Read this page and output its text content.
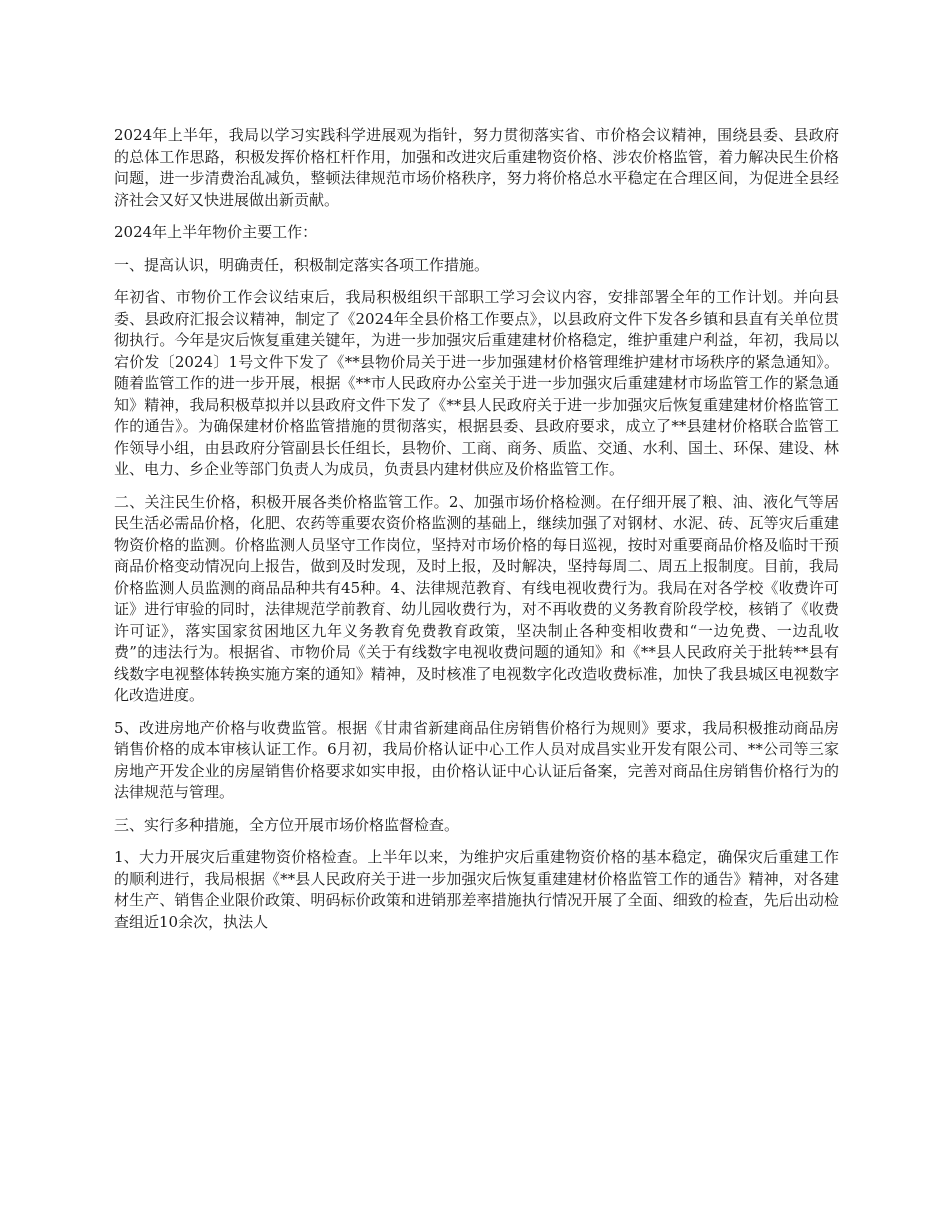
2024年上半年，我局以学习实践科学进展观为指针，努力贯彻落实省、市价格会议精神，围绕县委、县政府的总体工作思路，积极发挥价格杠杆作用，加强和改进灾后重建物资价格、涉农价格监管，着力解决民生价格问题，进一步清费治乱减负，整顿法律规范市场价格秩序，努力将价格总水平稳定在合理区间，为促进全县经济社会又好又快进展做出新贡献。

2024年上半年物价主要工作：

一、提高认识，明确责任，积极制定落实各项工作措施。

年初省、市物价工作会议结束后，我局积极组织干部职工学习会议内容，安排部署全年的工作计划。并向县委、县政府汇报会议精神，制定了《2024年全县价格工作要点》，以县政府文件下发各乡镇和县直有关单位贯彻执行。今年是灾后恢复重建关键年，为进一步加强灾后重建建材价格稳定，维护重建户利益，年初，我局以宕价发〔2024〕1号文件下发了《**县物价局关于进一步加强建材价格管理维护建材市场秩序的紧急通知》。随着监管工作的进一步开展，根据《**市人民政府办公室关于进一步加强灾后重建建材市场监管工作的紧急通知》精神，我局积极草拟并以县政府文件下发了《**县人民政府关于进一步加强灾后恢复重建建材价格监管工作的通告》。为确保建材价格监管措施的贯彻落实，根据县委、县政府要求，成立了**县建材价格联合监管工作领导小组，由县政府分管副县长任组长，县物价、工商、商务、质监、交通、水利、国土、环保、建设、林业、电力、乡企业等部门负责人为成员，负责县内建材供应及价格监管工作。

二、关注民生价格，积极开展各类价格监管工作。2、加强市场价格检测。在仔细开展了粮、油、液化气等居民生活必需品价格，化肥、农药等重要农资价格监测的基础上，继续加强了对钢材、水泥、砖、瓦等灾后重建物资价格的监测。价格监测人员坚守工作岗位，坚持对市场价格的每日巡视，按时对重要商品价格及临时干预商品价格变动情况向上报告，做到及时发现，及时上报，及时解决，坚持每周二、周五上报制度。目前，我局价格监测人员监测的商品品种共有45种。4、法律规范教育、有线电视收费行为。我局在对各学校《收费许可证》进行审验的同时，法律规范学前教育、幼儿园收费行为，对不再收费的义务教育阶段学校，核销了《收费许可证》，落实国家贫困地区九年义务教育免费教育政策，坚决制止各种变相收费和“一边免费、一边乱收费”的违法行为。根据省、市物价局《关于有线数字电视收费问题的通知》和《**县人民政府关于批转**县有线数字电视整体转换实施方案的通知》精神，及时核准了电视数字化改造收费标准，加快了我县城区电视数字化改造进度。

5、改进房地产价格与收费监管。根据《甘肃省新建商品住房销售价格行为规则》要求，我局积极推动商品房销售价格的成本审核认证工作。6月初，我局价格认证中心工作人员对成昌实业开发有限公司、**公司等三家房地产开发企业的房屋销售价格要求如实申报，由价格认证中心认证后备案，完善对商品住房销售价格行为的法律规范与管理。

三、实行多种措施，全方位开展市场价格监督检查。

1、大力开展灾后重建物资价格检查。上半年以来，为维护灾后重建物资价格的基本稳定，确保灾后重建工作的顺利进行，我局根据《**县人民政府关于进一步加强灾后恢复重建建材价格监管工作的通告》精神，对各建材生产、销售企业限价政策、明码标价政策和进销那差率措施执行情况开展了全面、细致的检查，先后出动检查组近10余次，执法人
